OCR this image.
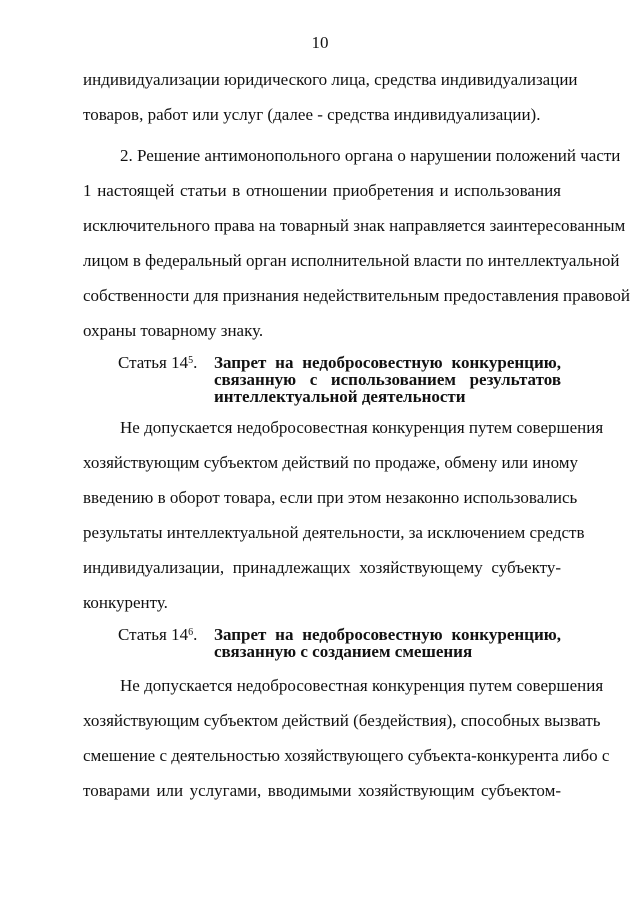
10

индивидуализации юридического лица, средства индивидуализации
товаров, работ или услуг (далее - средства индивидуализации).

2. Решение антимонопольного органа о нарушении положений части
1 настоящей статьи в отношении приобретения и использования
исключительного права на товарный знак направляется заинтересованным
лицом в федеральный орган исполнительной власти по интеллектуальной
собственности для признания недействительным предоставления правовой
охраны товарному знаку.

Статья $14^5$. Запрет на недобросовестную конкуренцию,
связанную с использованием результатов
интеллектуальной деятельности

Не допускается недобросовестная конкуренция путем совершения
хозяйствующим субъектом действий по продаже, обмену или иному
введению в оборот товара, если при этом незаконно использовались
результаты интеллектуальной деятельности, за исключением средств
индивидуализации, принадлежащих хозяйствующему субъекту-
конкуренту.

Статья $14^6$. Запрет на недобросовестную конкуренцию,
связанную с созданием смешения

Не допускается недобросовестная конкуренция путем совершения
хозяйствующим субъектом действий (бездействия), способных вызвать
смешение с деятельностью хозяйствующего субъекта-конкурента либо с
товарами или услугами, вводимыми хозяйствующим субъектом-
